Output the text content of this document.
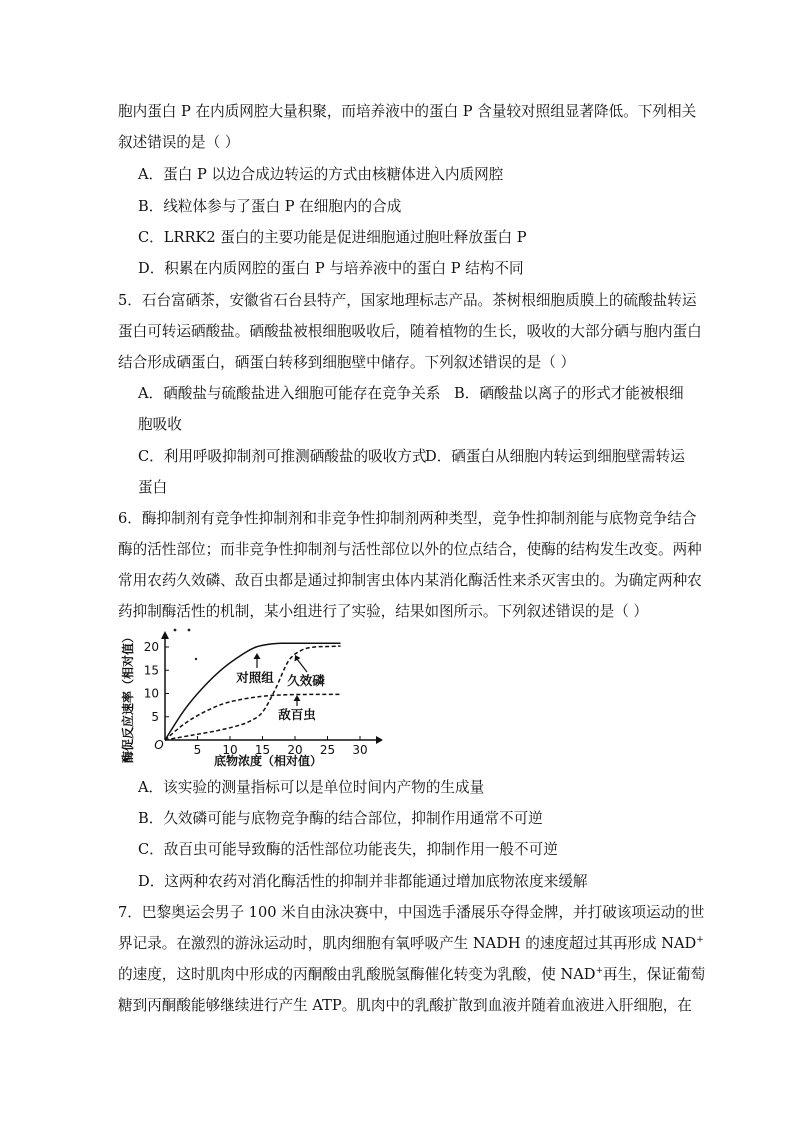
胞内蛋白 P 在内质网腔大量积聚，而培养液中的蛋白 P 含量较对照组显著降低。下列相关
叙述错误的是（ ）
A．蛋白 P 以边合成边转运的方式由核糖体进入内质网腔
B．线粒体参与了蛋白 P 在细胞内的合成
C．LRRK2 蛋白的主要功能是促进细胞通过胞吐释放蛋白 P
D．积累在内质网腔的蛋白 P 与培养液中的蛋白 P 结构不同
5．石台富硒茶，安徽省石台县特产，国家地理标志产品。茶树根细胞质膜上的硫酸盐转运
蛋白可转运硒酸盐。硒酸盐被根细胞吸收后，随着植物的生长，吸收的大部分硒与胞内蛋白
结合形成硒蛋白，硒蛋白转移到细胞壁中储存。下列叙述错误的是（ ）
A．硒酸盐与硫酸盐进入细胞可能存在竞争关系 B．硒酸盐以离子的形式才能被根细
胞吸收
C．利用呼吸抑制剂可推测硒酸盐的吸收方式
D．硒蛋白从细胞内转运到细胞壁需转运
蛋白
6．酶抑制剂有竞争性抑制剂和非竞争性抑制剂两种类型，竞争性抑制剂能与底物竞争结合
酶的活性部位；而非竞争性抑制剂与活性部位以外的位点结合，使酶的结构发生改变。两种
常用农药久效磷、敌百虫都是通过抑制害虫体内某消化酶活性来杀灭害虫的。为确定两种农
药抑制酶活性的机制，某小组进行了实验，结果如图所示。下列叙述错误的是（ ）
酶促反应速率（相对值） O 5 10 15 20 25 30
5
10
15
20
对照组 久效磷
敌百虫
底物浓度（相对值）
A．该实验的测量指标可以是单位时间内产物的生成量
B．久效磷可能与底物竞争酶的结合部位，抑制作用通常不可逆
C．敌百虫可能导致酶的活性部位功能丧失，抑制作用一般不可逆
D．这两种农药对消化酶活性的抑制并非都能通过增加底物浓度来缓解
7．巴黎奥运会男子 100 米自由泳决赛中，中国选手潘展乐夺得金牌，并打破该项运动的世
界记录。在激烈的游泳运动时，肌肉细胞有氧呼吸产生 NADH 的速度超过其再形成 NAD+
的速度，这时肌肉中形成的丙酮酸由乳酸脱氢酶催化转变为乳酸，使 NAD+再生，保证葡萄
糖到丙酮酸能够继续进行产生 ATP。肌肉中的乳酸扩散到血液并随着血液进入肝细胞，在
